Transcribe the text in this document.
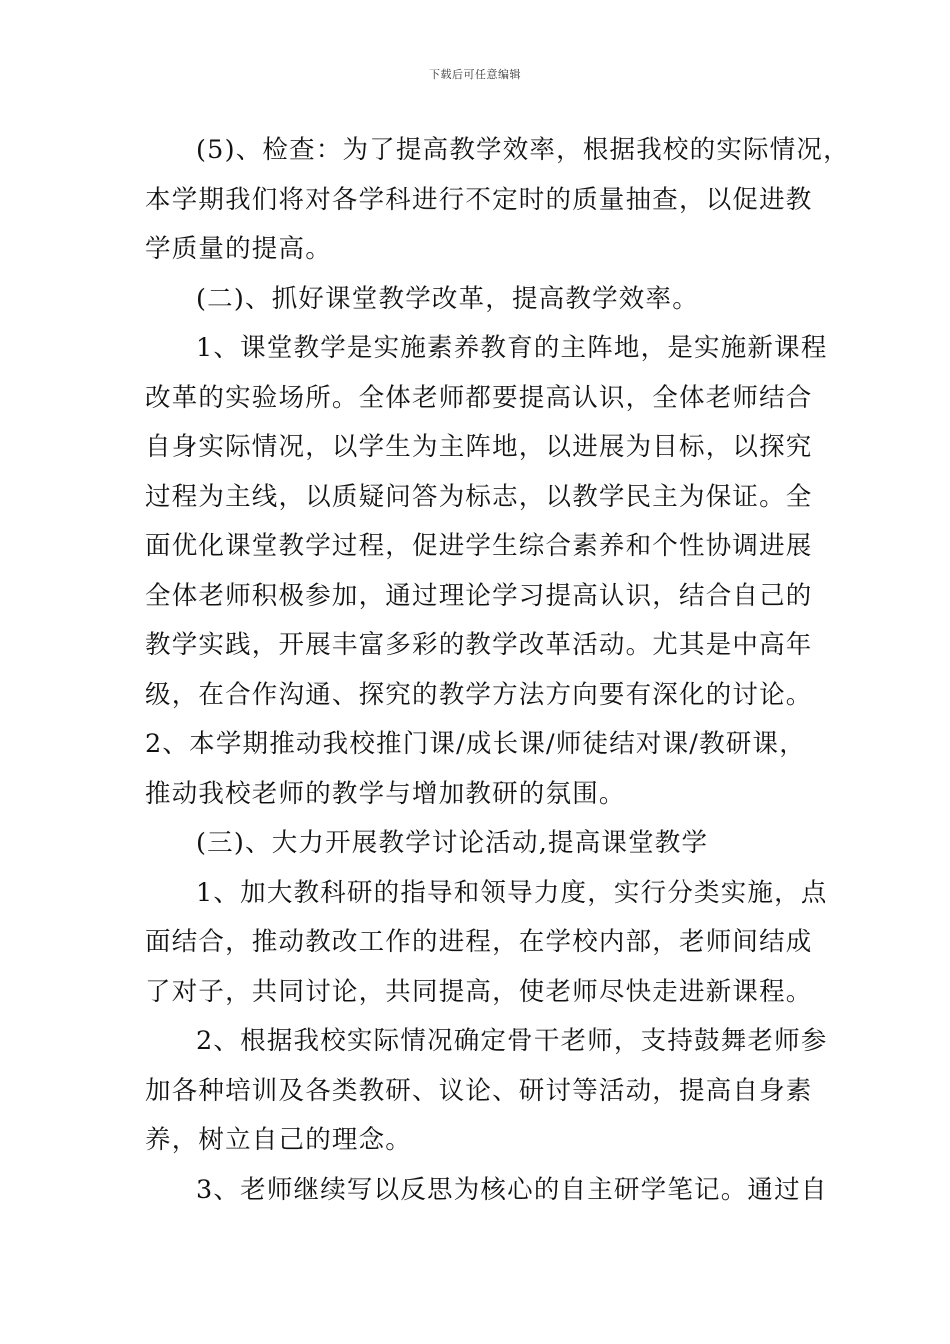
下载后可任意编辑
(5)、检查：为了提高教学效率，根据我校的实际情况，
本学期我们将对各学科进行不定时的质量抽查，以促进教
学质量的提高。
(二)、抓好课堂教学改革，提高教学效率。
1、课堂教学是实施素养教育的主阵地，是实施新课程
改革的实验场所。全体老师都要提高认识，全体老师结合
自身实际情况，以学生为主阵地，以进展为目标，以探究
过程为主线，以质疑问答为标志，以教学民主为保证。全
面优化课堂教学过程，促进学生综合素养和个性协调进展
全体老师积极参加，通过理论学习提高认识，结合自己的
教学实践，开展丰富多彩的教学改革活动。尤其是中高年
级，在合作沟通、探究的教学方法方向要有深化的讨论。
2、本学期推动我校推门课/成长课/师徒结对课/教研课，
推动我校老师的教学与增加教研的氛围。
(三)、大力开展教学讨论活动,提高课堂教学
1、加大教科研的指导和领导力度，实行分类实施，点
面结合，推动教改工作的进程，在学校内部，老师间结成
了对子，共同讨论，共同提高，使老师尽快走进新课程。
2、根据我校实际情况确定骨干老师，支持鼓舞老师参
加各种培训及各类教研、议论、研讨等活动，提高自身素
养，树立自己的理念。
3、老师继续写以反思为核心的自主研学笔记。通过自
